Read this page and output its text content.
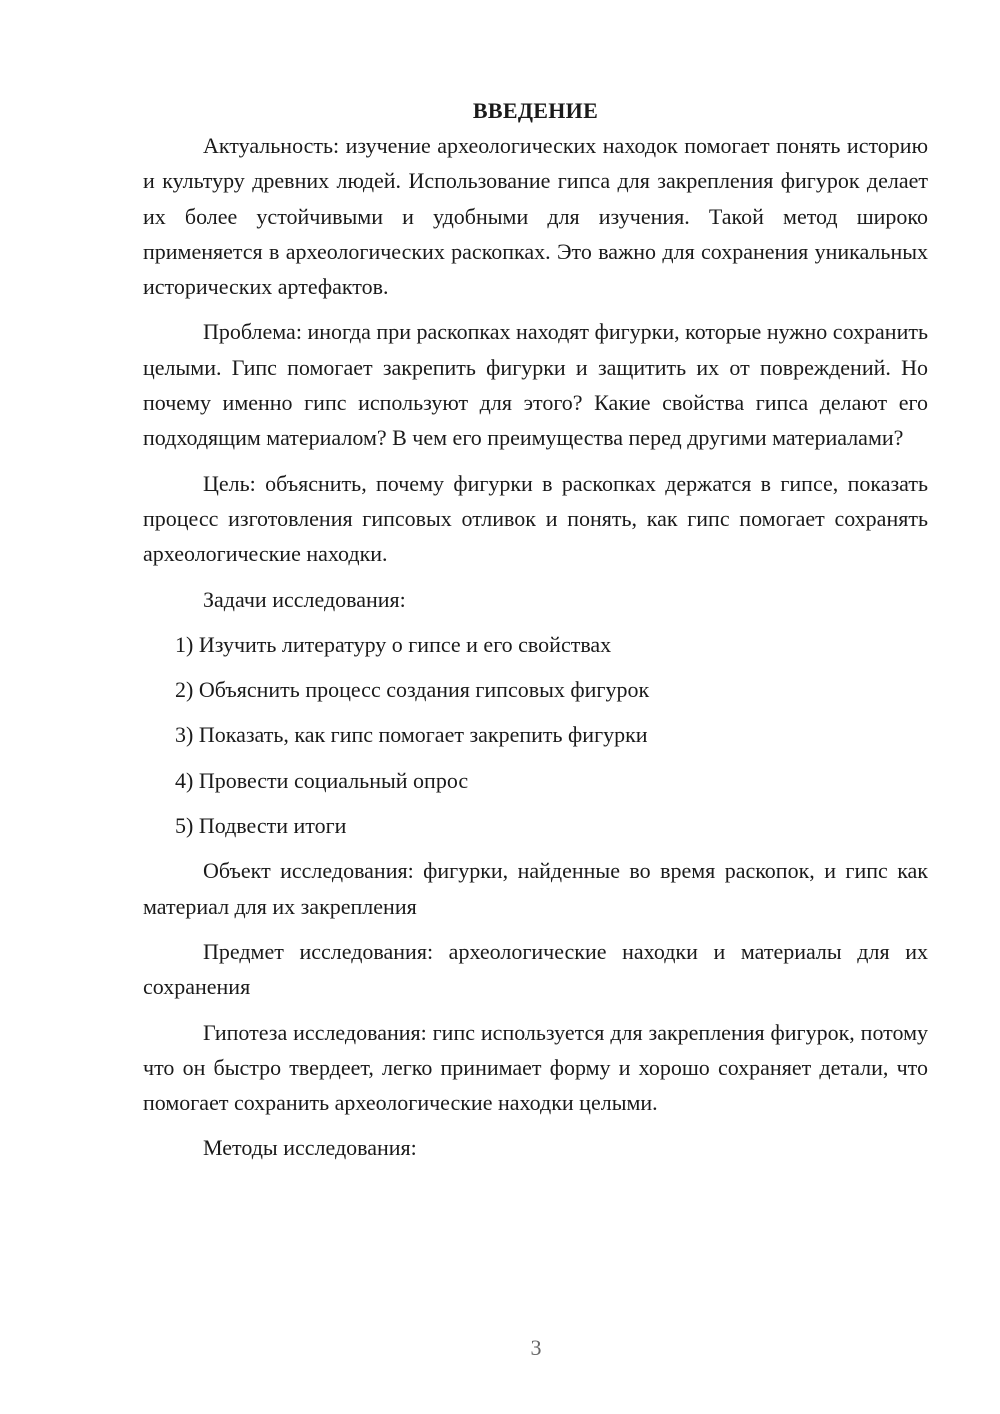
ВВЕДЕНИЕ

Актуальность: изучение археологических находок помогает понять историю и культуру древних людей. Использование гипса для закрепления фигурок делает их более устойчивыми и удобными для изучения. Такой метод широко применяется в археологических раскопках. Это важно для сохранения уникальных исторических артефактов.

Проблема: иногда при раскопках находят фигурки, которые нужно сохранить целыми. Гипс помогает закрепить фигурки и защитить их от повреждений. Но почему именно гипс используют для этого? Какие свойства гипса делают его подходящим материалом? В чем его преимущества перед другими материалами?

Цель: объяснить, почему фигурки в раскопках держатся в гипсе, показать процесс изготовления гипсовых отливок и понять, как гипс помогает сохранять археологические находки.

Задачи исследования:

1) Изучить литературу о гипсе и его свойствах
2) Объяснить процесс создания гипсовых фигурок
3) Показать, как гипс помогает закрепить фигурки
4) Провести социальный опрос
5) Подвести итоги

Объект исследования: фигурки, найденные во время раскопок, и гипс как материал для их закрепления

Предмет исследования: археологические находки и материалы для их сохранения

Гипотеза исследования: гипс используется для закрепления фигурок, потому что он быстро твердеет, легко принимает форму и хорошо сохраняет детали, что помогает сохранить археологические находки целыми.

Методы исследования:

3
